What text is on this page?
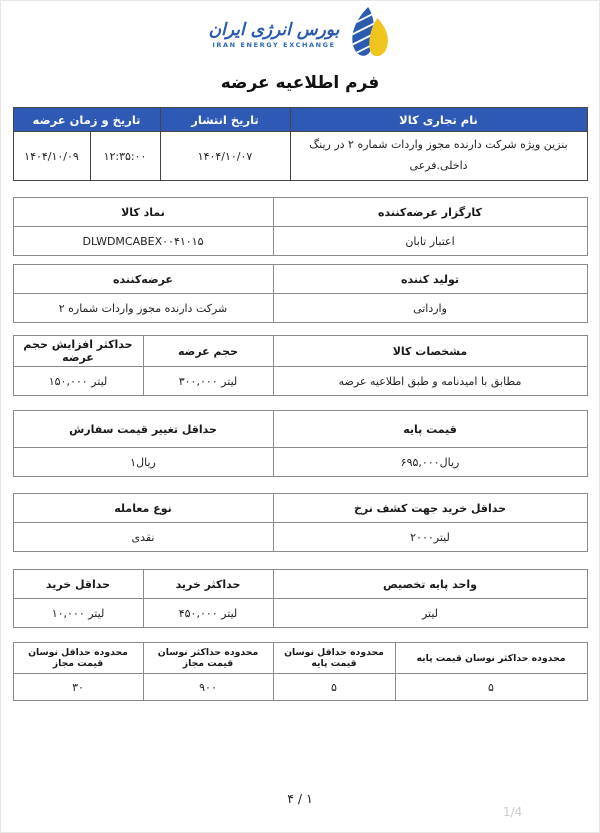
بورس انرژی ایران
IRAN ENERGY EXCHANGE
فرم اطلاعیه عرضه
نام تجاری کالا	تاریخ انتشار	تاریخ و زمان عرضه	
بنزین ویژه شرکت دارنده مجوز واردات شماره ۲ در رینگ داخلی.فرعی	۱۴۰۴/۱۰/۰۷	۱۲:۳۵:۰۰	۱۴۰۴/۱۰/۰۹
کارگزار عرضه‌کننده	نماد کالا
اعتبار تابان	DLWDMCABEX۰۰۴۱۰۱۵
تولید کننده	عرضه‌کننده
وارداتی	شرکت دارنده مجوز واردات شماره ۲
مشخصات کالا	حجم عرضه	حداکثر افزایش حجم عرضه
مطابق با امیدنامه و طبق اطلاعیه عرضه	لیتر ۳۰۰,۰۰۰	لیتر ۱۵۰,۰۰۰
قیمت پایه	حداقل تغییر قیمت سفارش
ریال۶۹۵,۰۰۰	ریال۱
حداقل خرید جهت کشف نرخ	نوع معامله
لیتر۲۰۰۰	نقدی
واحد پایه تخصیص	حداکثر خرید	حداقل خرید
لیتر	لیتر ۴۵۰,۰۰۰	لیتر ۱۰,۰۰۰
محدوده حداکثر نوسان قیمت پایه	محدوده حداقل نوسان قیمت پایه	محدوده حداکثر نوسان قیمت مجاز	محدوده حداقل نوسان قیمت مجاز
۵	۵	۹۰۰	۳۰
۱ / ۴
1/4
